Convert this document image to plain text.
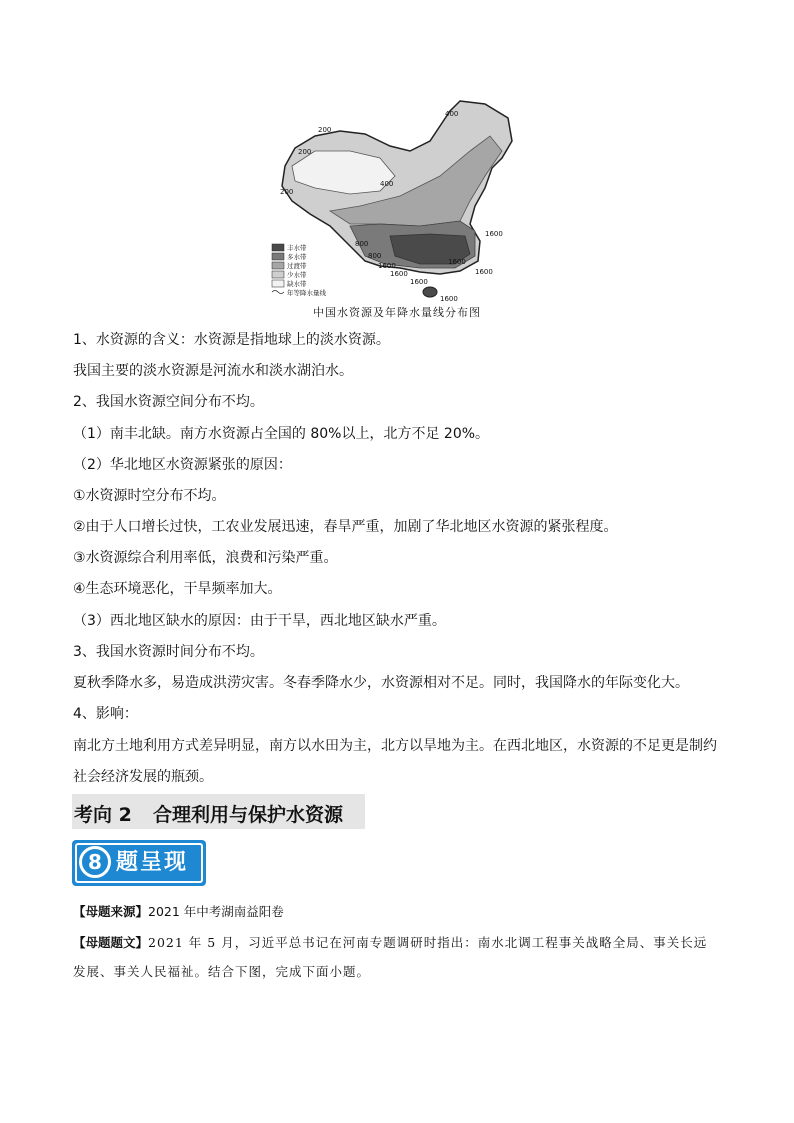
400
200
200
200
400
800
800
1600
1600
1600
1600
1600
1600
1600
丰水带
多水带
过渡带
少水带
缺水带
年等降水量线
中国水资源及年降水量线分布图
1、水资源的含义：水资源是指地球上的淡水资源。
我国主要的淡水资源是河流水和淡水湖泊水。
2、我国水资源空间分布不均。
（1）南丰北缺。南方水资源占全国的 80%以上，北方不足 20%。
（2）华北地区水资源紧张的原因：
①水资源时空分布不均。
②由于人口增长过快，工农业发展迅速，春旱严重，加剧了华北地区水资源的紧张程度。
③水资源综合利用率低，浪费和污染严重。
④生态环境恶化，干旱频率加大。
（3）西北地区缺水的原因：由于干旱，西北地区缺水严重。
3、我国水资源时间分布不均。
夏秋季降水多，易造成洪涝灾害。冬春季降水少，水资源相对不足。同时，我国降水的年际变化大。
4、影响：
南北方土地利用方式差异明显，南方以水田为主，北方以旱地为主。在西北地区，水资源的不足更是制约
社会经济发展的瓶颈。
考向 2 合理利用与保护水资源
8 题呈现
【母题来源】2021 年中考湖南益阳卷
【母题题文】2021 年 5 月，习近平总书记在河南专题调研时指出：南水北调工程事关战略全局、事关长远
发展、事关人民福祉。结合下图，完成下面小题。
